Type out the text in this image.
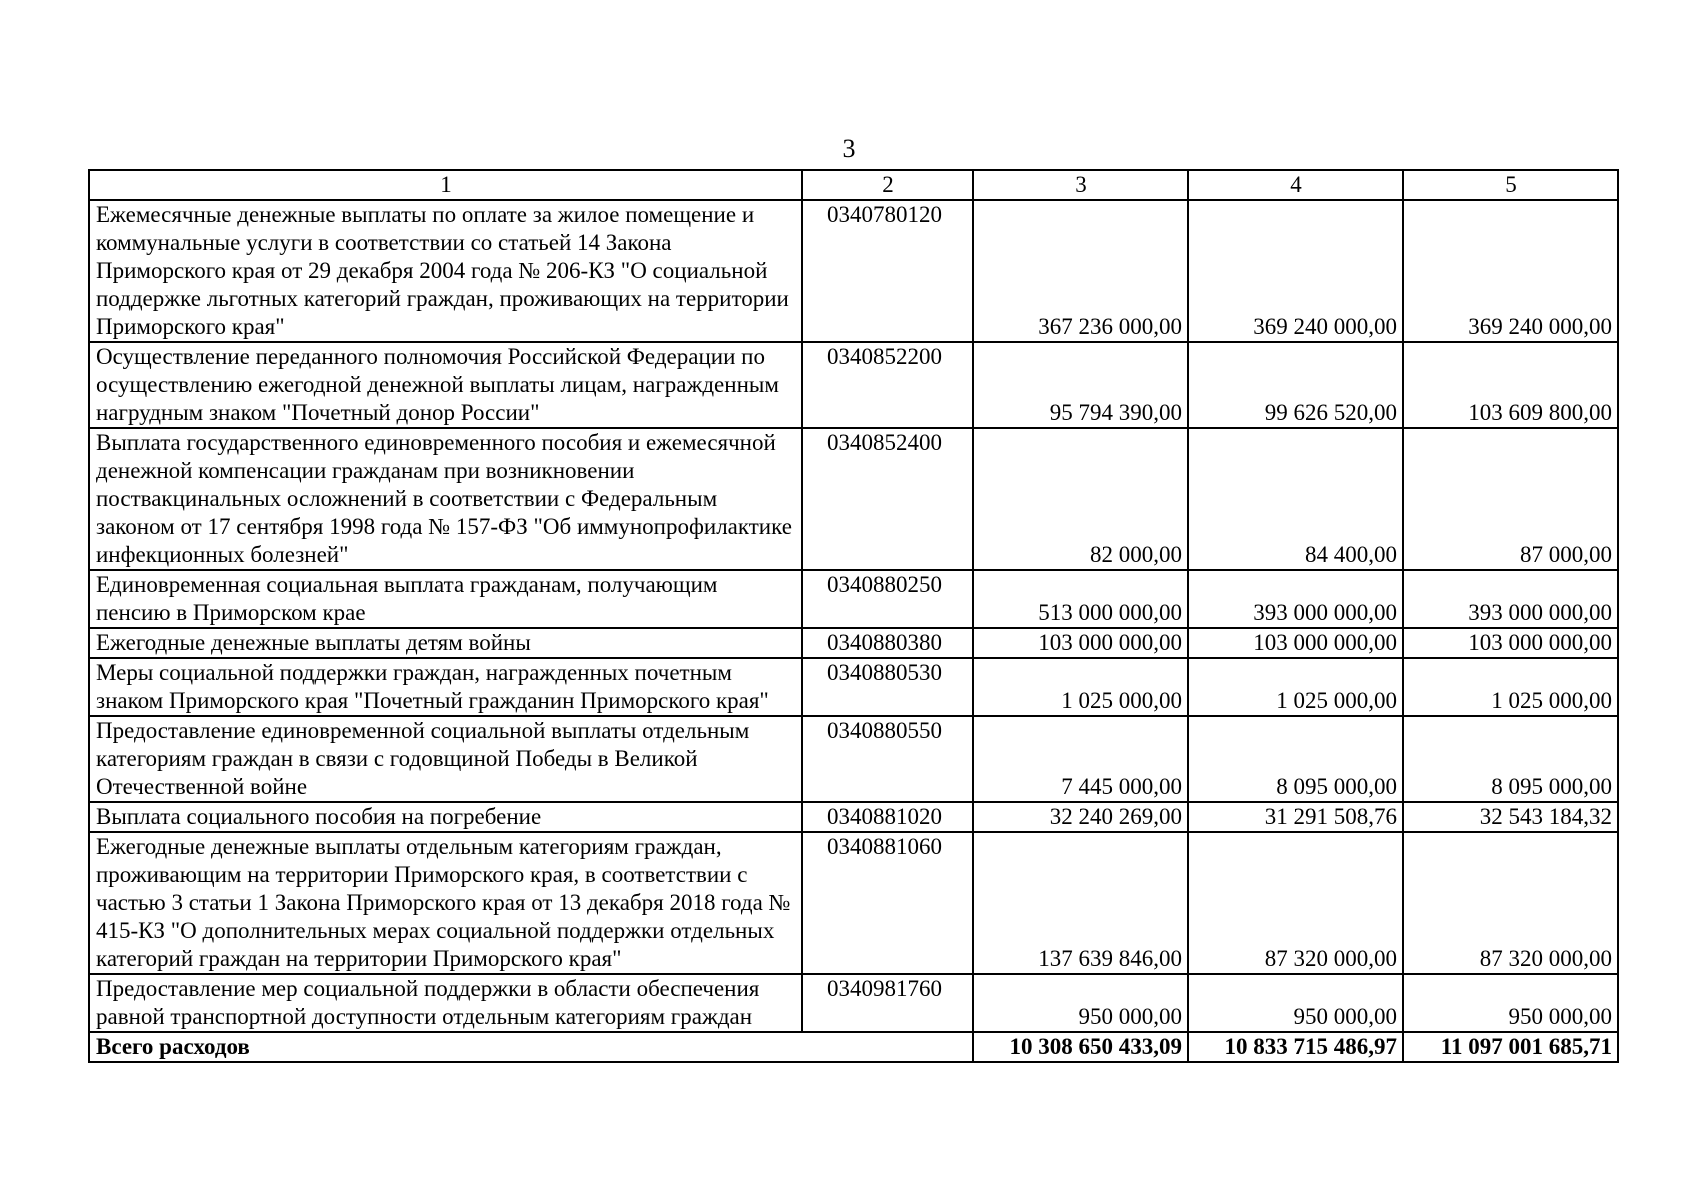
3
1	2	3	4	5
Ежемесячные денежные выплаты по оплате за жилое помещение и коммунальные услуги в соответствии со статьей 14 Закона Приморского края от 29 декабря 2004 года № 206-КЗ "О социальной поддержке льготных категорий граждан, проживающих на территории Приморского края"	0340780120	367 236 000,00	369 240 000,00	369 240 000,00
Осуществление переданного полномочия Российской Федерации по осуществлению ежегодной денежной выплаты лицам, награжденным нагрудным знаком "Почетный донор России"	0340852200	95 794 390,00	99 626 520,00	103 609 800,00
Выплата государственного единовременного пособия и ежемесячной денежной компенсации гражданам при возникновении поствакцинальных осложнений в соответствии с Федеральным законом от 17 сентября 1998 года № 157-ФЗ "Об иммунопрофилактике инфекционных болезней"	0340852400	82 000,00	84 400,00	87 000,00
Единовременная социальная выплата гражданам, получающим пенсию в Приморском крае	0340880250	513 000 000,00	393 000 000,00	393 000 000,00
Ежегодные денежные выплаты детям войны	0340880380	103 000 000,00	103 000 000,00	103 000 000,00
Меры социальной поддержки граждан, награжденных почетным знаком Приморского края "Почетный гражданин Приморского края"	0340880530	1 025 000,00	1 025 000,00	1 025 000,00
Предоставление единовременной социальной выплаты отдельным категориям граждан в связи с годовщиной Победы в Великой Отечественной войне	0340880550	7 445 000,00	8 095 000,00	8 095 000,00
Выплата социального пособия на погребение	0340881020	32 240 269,00	31 291 508,76	32 543 184,32
Ежегодные денежные выплаты отдельным категориям граждан, проживающим на территории Приморского края, в соответствии с частью 3 статьи 1 Закона Приморского края от 13 декабря 2018 года № 415-КЗ "О дополнительных мерах социальной поддержки отдельных категорий граждан на территории Приморского края"	0340881060	137 639 846,00	87 320 000,00	87 320 000,00
Предоставление мер социальной поддержки в области обеспечения равной транспортной доступности отдельным категориям граждан	0340981760	950 000,00	950 000,00	950 000,00
Всего расходов		10 308 650 433,09	10 833 715 486,97	11 097 001 685,71
